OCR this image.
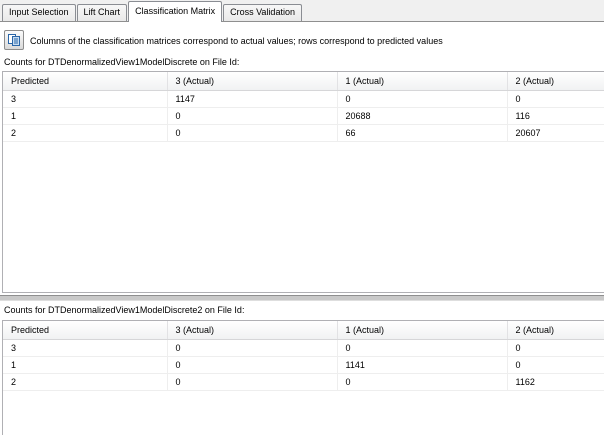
Input Selection	Lift Chart	Classification Matrix	Cross Validation
Columns of the classification matrices correspond to actual values; rows correspond to predicted values
Counts for DTDenormalizedView1ModelDiscrete on File Id:
Predicted	3 (Actual)	1 (Actual)	2 (Actual)
3	1147	0	0
1	0	20688	116
2	0	66	20607
Counts for DTDenormalizedView1ModelDiscrete2 on File Id:
Predicted	3 (Actual)	1 (Actual)	2 (Actual)
3	0	0	0
1	0	1141	0
2	0	0	1162
